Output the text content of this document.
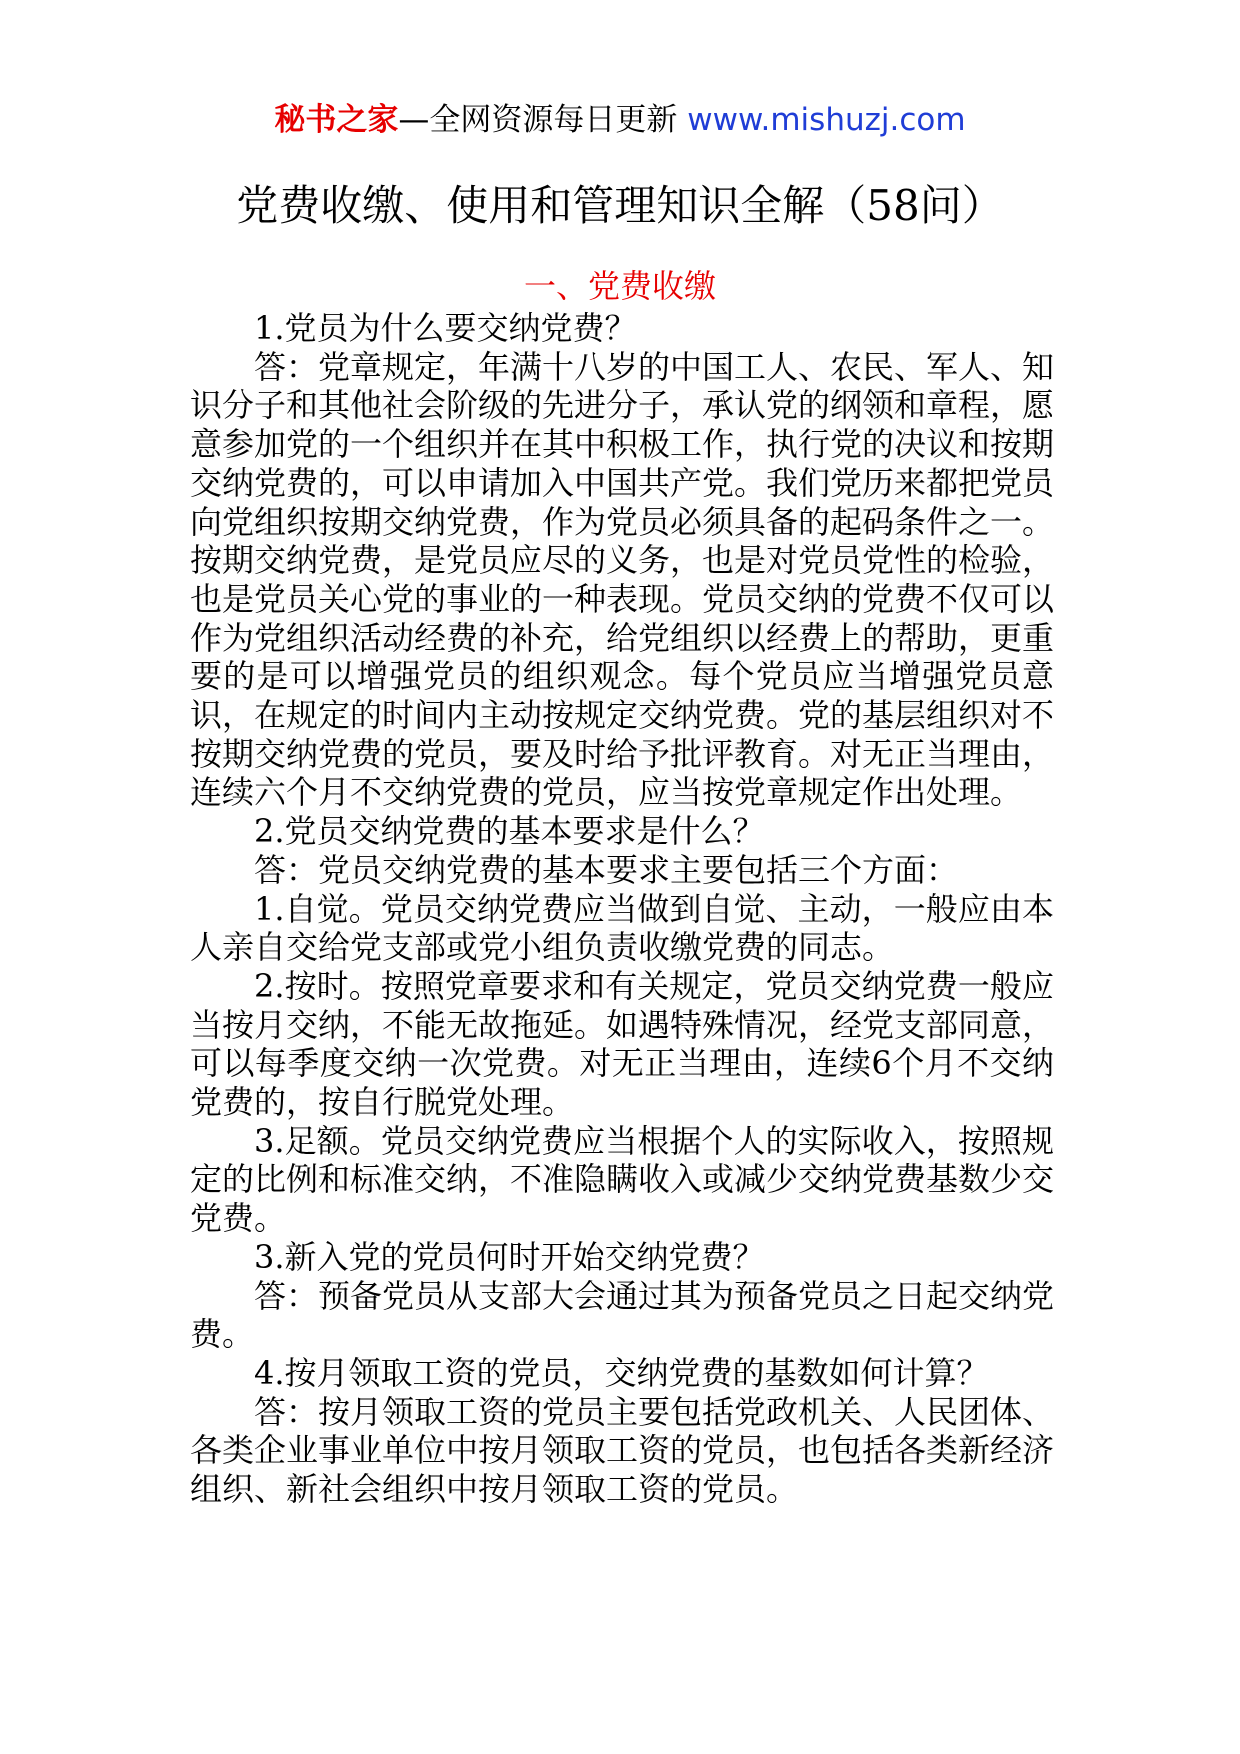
秘书之家—全网资源每日更新 www.mishuzj.com
党费收缴、使用和管理知识全解（58问）
一、党费收缴

1.党员为什么要交纳党费？

答：党章规定，年满十八岁的中国工人、农民、军人、知识分子和其他社会阶级的先进分子，承认党的纲领和章程，愿意参加党的一个组织并在其中积极工作，执行党的决议和按期交纳党费的，可以申请加入中国共产党。我们党历来都把党员向党组织按期交纳党费，作为党员必须具备的起码条件之一。按期交纳党费，是党员应尽的义务，也是对党员党性的检验，也是党员关心党的事业的一种表现。党员交纳的党费不仅可以作为党组织活动经费的补充，给党组织以经费上的帮助，更重要的是可以增强党员的组织观念。每个党员应当增强党员意识，在规定的时间内主动按规定交纳党费。党的基层组织对不按期交纳党费的党员，要及时给予批评教育。对无正当理由，连续六个月不交纳党费的党员，应当按党章规定作出处理。

2.党员交纳党费的基本要求是什么？

答：党员交纳党费的基本要求主要包括三个方面：

1.自觉。党员交纳党费应当做到自觉、主动，一般应由本人亲自交给党支部或党小组负责收缴党费的同志。

2.按时。按照党章要求和有关规定，党员交纳党费一般应当按月交纳，不能无故拖延。如遇特殊情况，经党支部同意，可以每季度交纳一次党费。对无正当理由，连续6个月不交纳党费的，按自行脱党处理。

3.足额。党员交纳党费应当根据个人的实际收入，按照规定的比例和标准交纳，不准隐瞒收入或减少交纳党费基数少交党费。

3.新入党的党员何时开始交纳党费？

答：预备党员从支部大会通过其为预备党员之日起交纳党费。

4.按月领取工资的党员，交纳党费的基数如何计算？

答：按月领取工资的党员主要包括党政机关、人民团体、各类企业事业单位中按月领取工资的党员，也包括各类新经济组织、新社会组织中按月领取工资的党员。
